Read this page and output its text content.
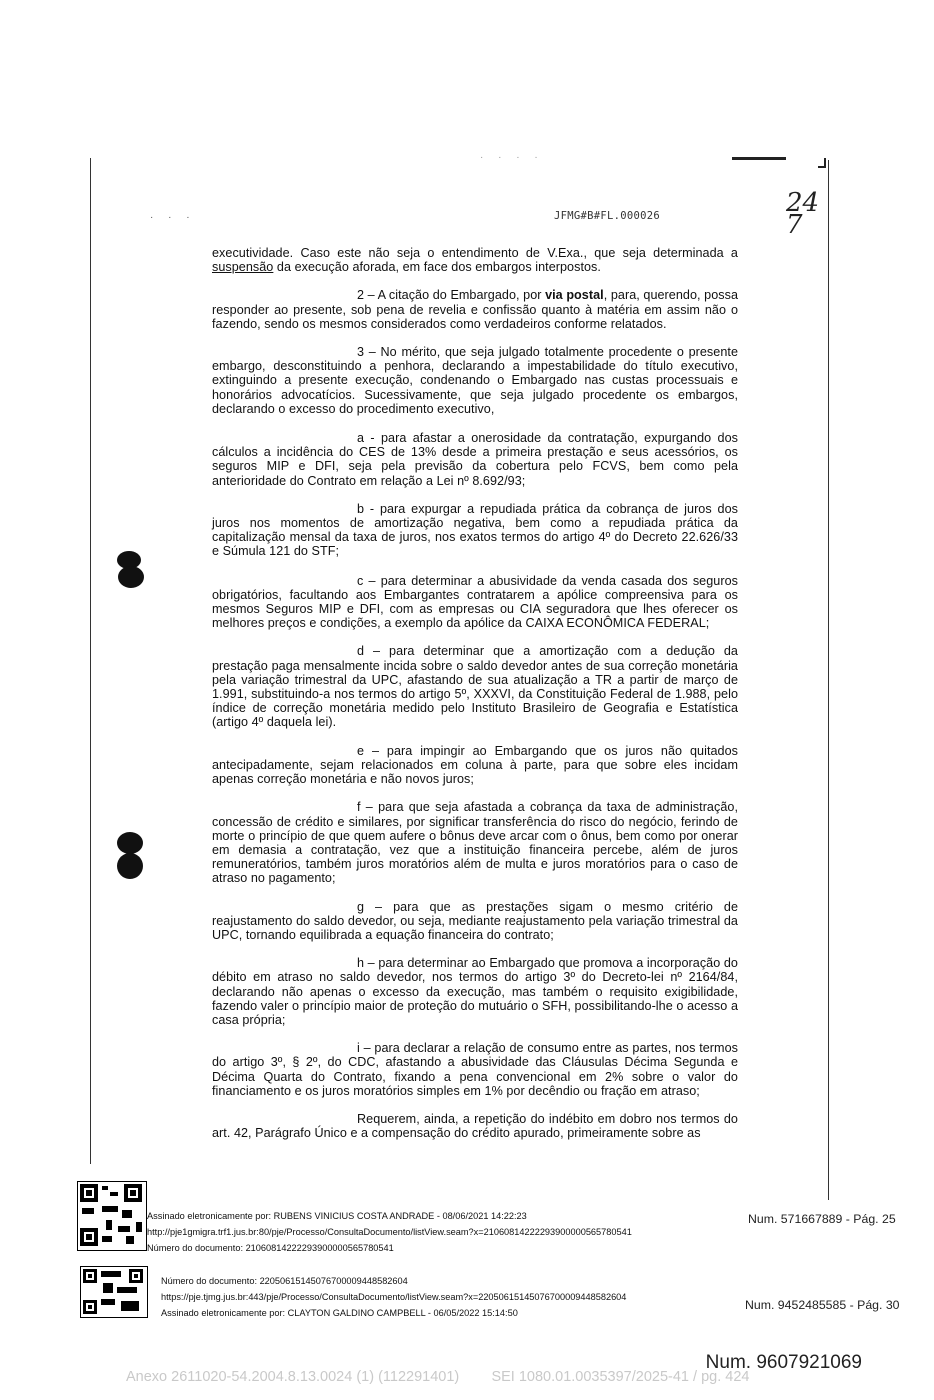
· · ·
· · · ·
JFMG#B#FL.000026	24
7

executividade. Caso este não seja o entendimento de V.Exa., que seja determinada a suspensão da execução aforada, em face dos embargos interpostos.

2 – A citação do Embargado, por via postal, para, querendo, possa responder ao presente, sob pena de revelia e confissão quanto à matéria em assim não o fazendo, sendo os mesmos considerados como verdadeiros conforme relatados.

3 – No mérito, que seja julgado totalmente procedente o presente embargo, desconstituindo a penhora, declarando a impestabilidade do título executivo, extinguindo a presente execução, condenando o Embargado nas custas processuais e honorários advocatícios. Sucessivamente, que seja julgado procedente os embargos, declarando o excesso do procedimento executivo,

a - para afastar a onerosidade da contratação, expurgando dos cálculos a incidência do CES de 13% desde a primeira prestação e seus acessórios, os seguros MIP e DFI, seja pela previsão da cobertura pelo FCVS, bem como pela anterioridade do Contrato em relação a Lei nº 8.692/93;

b - para expurgar a repudiada prática da cobrança de juros dos juros nos momentos de amortização negativa, bem como a repudiada prática da capitalização mensal da taxa de juros, nos exatos termos do artigo 4º do Decreto 22.626/33 e Súmula 121 do STF;

c – para determinar a abusividade da venda casada dos seguros obrigatórios, facultando aos Embargantes contratarem a apólice compreensiva para os mesmos Seguros MIP e DFI, com as empresas ou CIA seguradora que lhes oferecer os melhores preços e condições, a exemplo da apólice da CAIXA ECONÔMICA FEDERAL;

d – para determinar que a amortização com a dedução da prestação paga mensalmente incida sobre o saldo devedor antes de sua correção monetária pela variação trimestral da UPC, afastando de sua atualização a TR a partir de março de 1.991, substituindo-a nos termos do artigo 5º, XXXVI, da Constituição Federal de 1.988, pelo índice de correção monetária medido pelo Instituto Brasileiro de Geografia e Estatística (artigo 4º daquela lei).

e – para impingir ao Embargando que os juros não quitados antecipadamente, sejam relacionados em coluna à parte, para que sobre eles incidam apenas correção monetária e não novos juros;

f – para que seja afastada a cobrança da taxa de administração, concessão de crédito e similares, por significar transferência do risco do negócio, ferindo de morte o princípio de que quem aufere o bônus deve arcar com o ônus, bem como por onerar em demasia a contratação, vez que a instituição financeira percebe, além de juros remuneratórios, também juros moratórios além de multa e juros moratórios para o caso de atraso no pagamento;

g – para que as prestações sigam o mesmo critério de reajustamento do saldo devedor, ou seja, mediante reajustamento pela variação trimestral da UPC, tornando equilibrada a equação financeira do contrato;

h – para determinar ao Embargado que promova a incorporação do débito em atraso no saldo devedor, nos termos do artigo 3º do Decreto-lei nº 2164/84, declarando não apenas o excesso da execução, mas também o requisito exigibilidade, fazendo valer o princípio maior de proteção do mutuário o SFH, possibilitando-lhe o acesso a casa própria;

i – para declarar a relação de consumo entre as partes, nos termos do artigo 3º, § 2º, do CDC, afastando a abusividade das Cláusulas Décima Segunda e Décima Quarta do Contrato, fixando a pena convencional em 2% sobre o valor do financiamento e os juros moratórios simples em 1% por decêndio ou fração em atraso;

Requerem, ainda, a repetição do indébito em dobro nos termos do art. 42, Parágrafo Único e a compensação do crédito apurado, primeiramente sobre as

Assinado eletronicamente por: RUBENS VINICIUS COSTA ANDRADE - 08/06/2021 14:22:23
http://pje1gmigra.trf1.jus.br:80/pje/Processo/ConsultaDocumento/listView.seam?x=21060814222293900000565780541
Número do documento: 21060814222293900000565780541
Num. 571667889 - Pág. 25
Número do documento: 22050615145076700009448582604
https://pje.tjmg.jus.br:443/pje/Processo/ConsultaDocumento/listView.seam?x=22050615145076700009448582604
Assinado eletronicamente por: CLAYTON GALDINO CAMPBELL - 06/05/2022 15:14:50
Num. 9452485585 - Pág. 30
Num. 9607921069
Anexo 2611020-54.2004.8.13.0024 (1) (112291401)        SEI 1080.01.0035397/2025-41 / pg. 424
